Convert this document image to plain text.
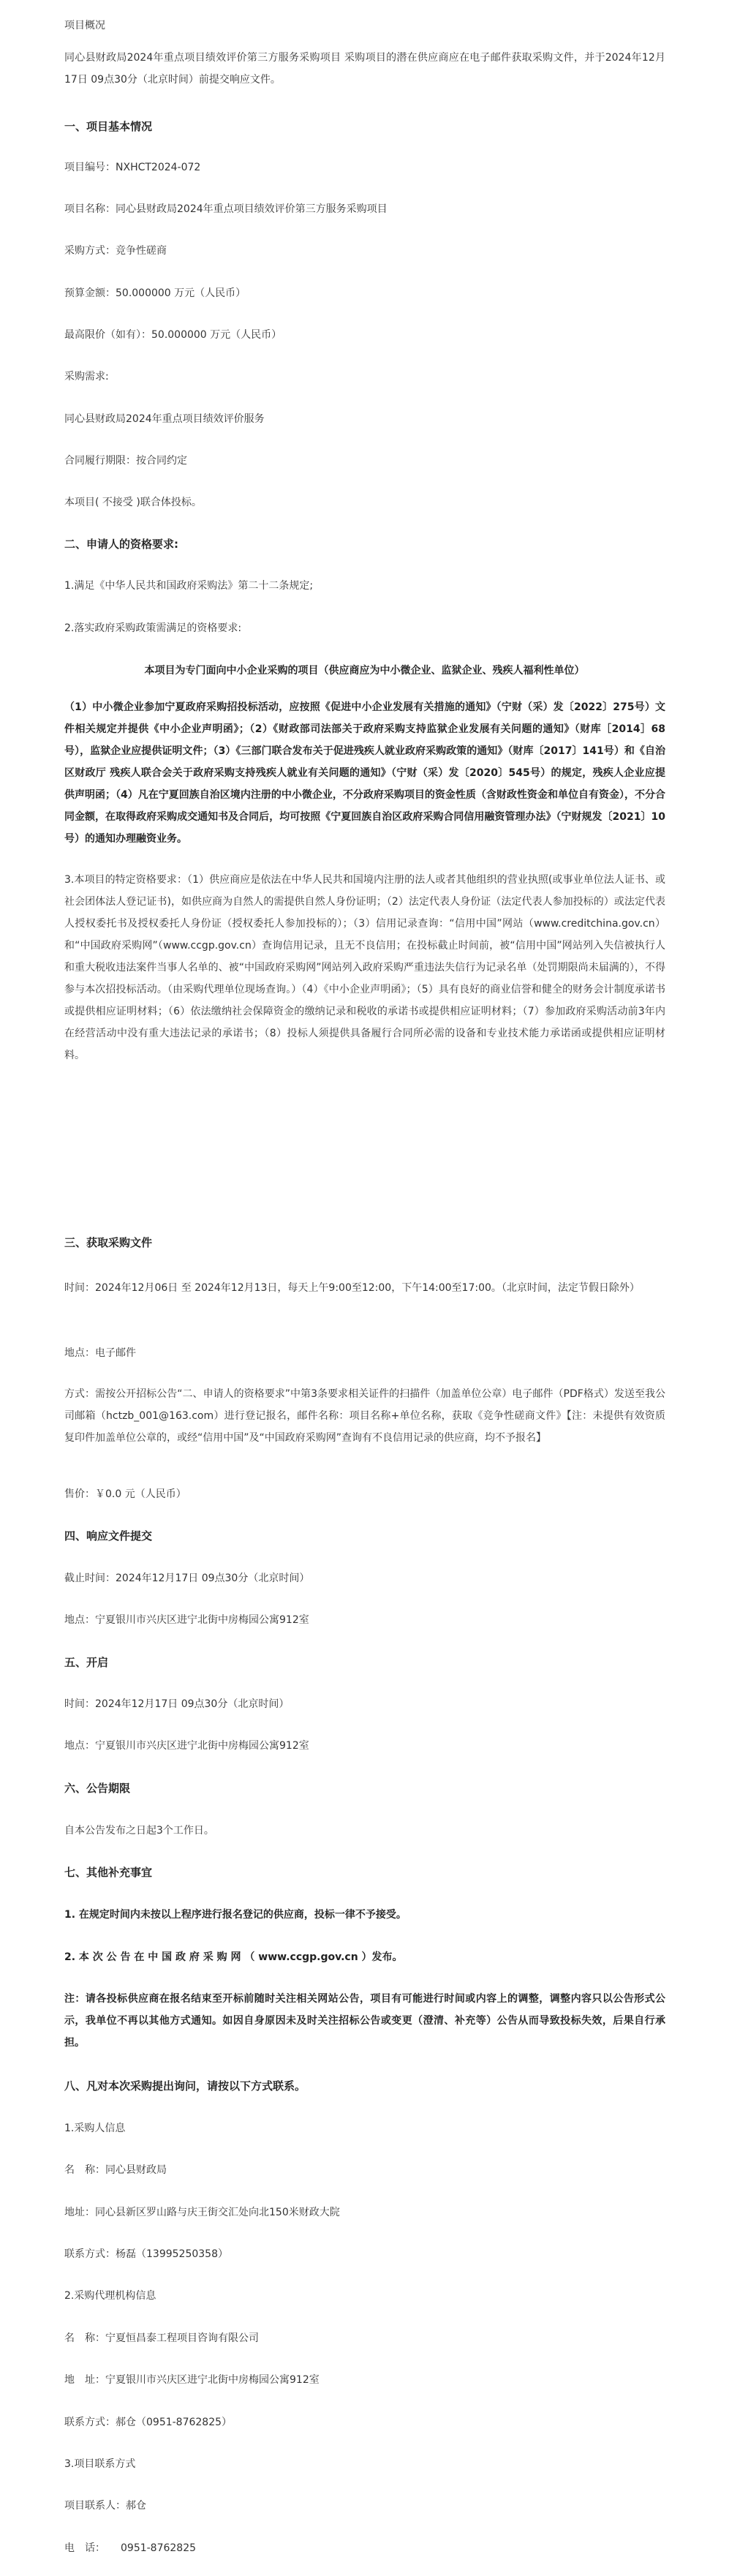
项目概况

同心县财政局2024年重点项目绩效评价第三方服务采购项目 采购项目的潜在供应商应在电子邮件获取采购文件，并于2024年12月17日 09点30分（北京时间）前提交响应文件。

一、项目基本情况

项目编号：NXHCT2024-072

项目名称：同心县财政局2024年重点项目绩效评价第三方服务采购项目

采购方式：竞争性磋商

预算金额：50.000000 万元（人民币）

最高限价（如有）：50.000000 万元（人民币）

采购需求:

同心县财政局2024年重点项目绩效评价服务

合同履行期限：按合同约定

本项目( 不接受 )联合体投标。

二、申请人的资格要求:

1.满足《中华人民共和国政府采购法》第二十二条规定;

2.落实政府采购政策需满足的资格要求:

本项目为专门面向中小企业采购的项目（供应商应为中小微企业、监狱企业、残疾人福利性单位）

（1）中小微企业参加宁夏政府采购招投标活动，应按照《促进中小企业发展有关措施的通知》（宁财（采）发〔2022〕275号）文件相关规定并提供《中小企业声明函》；（2）《财政部司法部关于政府采购支持监狱企业发展有关问题的通知》（财库［2014］68号），监狱企业应提供证明文件；（3）《三部门联合发布关于促进残疾人就业政府采购政策的通知》（财库〔2017〕141号）和《自治区财政厅 残疾人联合会关于政府采购支持残疾人就业有关问题的通知》（宁财（采）发〔2020〕545号）的规定，残疾人企业应提供声明函；（4）凡在宁夏回族自治区境内注册的中小微企业，不分政府采购项目的资金性质（含财政性资金和单位自有资金），不分合同金额，在取得政府采购成交通知书及合同后，均可按照《宁夏回族自治区政府采购合同信用融资管理办法》（宁财规发〔2021〕10号）的通知办理融资业务。

3.本项目的特定资格要求：（1）供应商应是依法在中华人民共和国境内注册的法人或者其他组织的营业执照(或事业单位法人证书、或社会团体法人登记证书)，如供应商为自然人的需提供自然人身份证明；（2）法定代表人身份证（法定代表人参加投标的）或法定代表人授权委托书及授权委托人身份证（授权委托人参加投标的）；（3）信用记录查询：“信用中国”网站（www.creditchina.gov.cn）和“中国政府采购网”（www.ccgp.gov.cn）查询信用记录，且无不良信用；在投标截止时间前，被“信用中国”网站列入失信被执行人和重大税收违法案件当事人名单的、被“中国政府采购网”网站列入政府采购严重违法失信行为记录名单（处罚期限尚未届满的），不得参与本次招投标活动。（由采购代理单位现场查询。）（4）《中小企业声明函》；（5）具有良好的商业信誉和健全的财务会计制度承诺书或提供相应证明材料；（6）依法缴纳社会保障资金的缴纳记录和税收的承诺书或提供相应证明材料；（7）参加政府采购活动前3年内在经营活动中没有重大违法记录的承诺书；（8）投标人须提供具备履行合同所必需的设备和专业技术能力承诺函或提供相应证明材料。

三、获取采购文件

时间：2024年12月06日 至 2024年12月13日，每天上午9:00至12:00，下午14:00至17:00。（北京时间，法定节假日除外）

地点：电子邮件

方式：需按公开招标公告“二、申请人的资格要求”中第3条要求相关证件的扫描件（加盖单位公章）电子邮件（PDF格式）发送至我公司邮箱（hctzb_001@163.com）进行登记报名，邮件名称：项目名称+单位名称，获取《竞争性磋商文件》【注：未提供有效资质复印件加盖单位公章的，或经“信用中国”及“中国政府采购网”查询有不良信用记录的供应商，均不予报名】

售价：￥0.0 元（人民币）

四、响应文件提交

截止时间：2024年12月17日 09点30分（北京时间）

地点：宁夏银川市兴庆区进宁北街中房梅园公寓912室

五、开启

时间：2024年12月17日 09点30分（北京时间）

地点：宁夏银川市兴庆区进宁北街中房梅园公寓912室

六、公告期限

自本公告发布之日起3个工作日。

七、其他补充事宜

1. 在规定时间内未按以上程序进行报名登记的供应商，投标一律不予接受。

2. 本 次 公 告 在 中 国 政 府 采 购 网 （ www.ccgp.gov.cn ）发布。

注：请各投标供应商在报名结束至开标前随时关注相关网站公告，项目有可能进行时间或内容上的调整，调整内容只以公告形式公示，我单位不再以其他方式通知。如因自身原因未及时关注招标公告或变更（澄清、补充等）公告从而导致投标失效，后果自行承担。

八、凡对本次采购提出询问，请按以下方式联系。

1.采购人信息

名　称：同心县财政局

地址：同心县新区罗山路与庆王街交汇处向北150米财政大院

联系方式：杨磊（13995250358）

2.采购代理机构信息

名　称：宁夏恒昌泰工程项目咨询有限公司

地　址：宁夏银川市兴庆区进宁北街中房梅园公寓912室

联系方式：郝仓（0951-8762825）

3.项目联系方式

项目联系人：郝仓

电　话：　　0951-8762825
